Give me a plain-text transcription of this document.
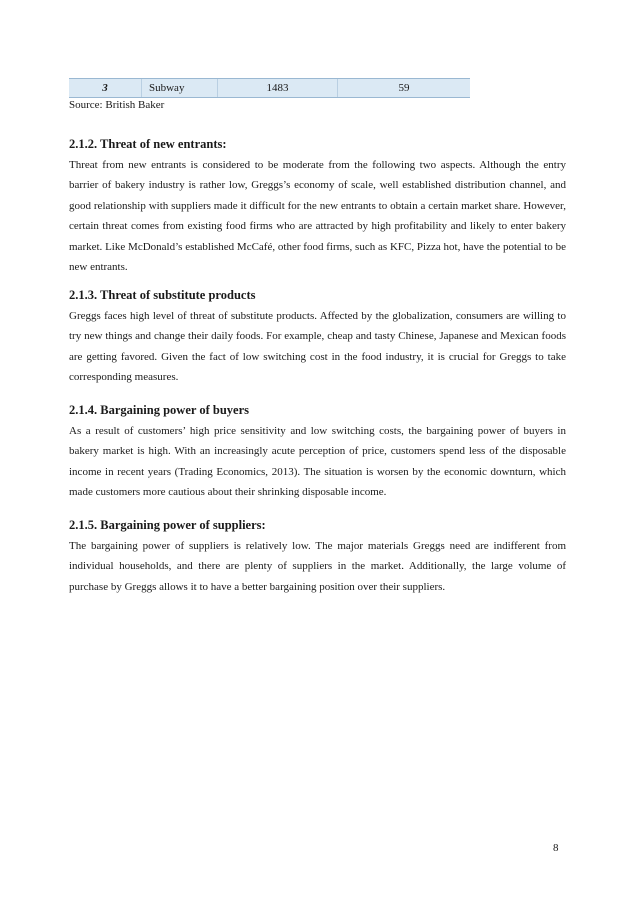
3	Subway	1483	59
Source: British Baker
2.1.2. Threat of new entrants:
Threat from new entrants is considered to be moderate from the following two aspects. Although the entry barrier of bakery industry is rather low, Greggs’s economy of scale, well established distribution channel, and good relationship with suppliers made it difficult for the new entrants to obtain a certain market share. However, certain threat comes from existing food firms who are attracted by high profitability and likely to enter bakery market. Like McDonald’s established McCafé, other food firms, such as KFC, Pizza hot, have the potential to be new entrants.
2.1.3. Threat of substitute products
Greggs faces high level of threat of substitute products. Affected by the globalization, consumers are willing to try new things and change their daily foods. For example, cheap and tasty Chinese, Japanese and Mexican foods are getting favored. Given the fact of low switching cost in the food industry, it is crucial for Greggs to take corresponding measures.
2.1.4. Bargaining power of buyers
As a result of customers’ high price sensitivity and low switching costs, the bargaining power of buyers in bakery market is high. With an increasingly acute perception of price, customers spend less of the disposable income in recent years (Trading Economics, 2013). The situation is worsen by the economic downturn, which made customers more cautious about their shrinking disposable income.
2.1.5. Bargaining power of suppliers:
The bargaining power of suppliers is relatively low. The major materials Greggs need are indifferent from individual households, and there are plenty of suppliers in the market. Additionally, the large volume of purchase by Greggs allows it to have a better bargaining position over their suppliers.
8
